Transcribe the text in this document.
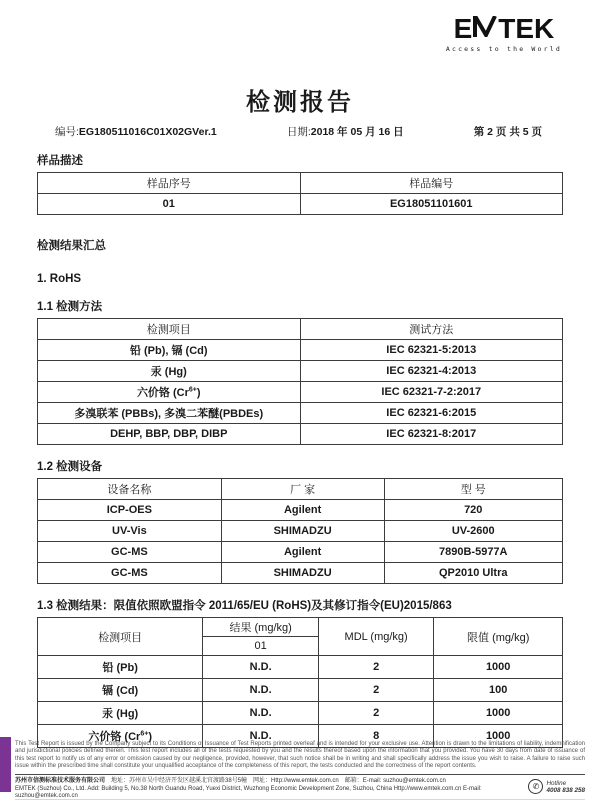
E TEK
Access to the World
检测报告
编号:EG180511016C01X02GVer.1	日期:2018 年 05 月 16 日	第 2 页 共 5 页
样品描述
样品序号	样品编号
01	EG18051101601
检测结果汇总
1. RoHS
1.1 检测方法
检测项目	测试方法
铅 (Pb), 镉 (Cd)	IEC 62321-5:2013
汞 (Hg)	IEC 62321-4:2013
六价铬 $(Cr^{6+})$	IEC 62321-7-2:2017
多溴联苯 (PBBs), 多溴二苯醚(PBDEs)	IEC 62321-6:2015
DEHP, BBP, DBP, DIBP	IEC 62321-8:2017
1.2 检测设备
设备名称	厂 家	型 号
ICP-OES	Agilent	720
UV-Vis	SHIMADZU	UV-2600
GC-MS	Agilent	7890B-5977A
GC-MS	SHIMADZU	QP2010 Ultra
1.3 检测结果：限值依照欧盟指令 2011/65/EU (RoHS)及其修订指令(EU)2015/863
检测项目	结果 (mg/kg)	MDL (mg/kg)	限值 (mg/kg)
	01		
铅 (Pb)	N.D.	2	1000
镉 (Cd)	N.D.	2	100
汞 (Hg)	N.D.	2	1000
六价铬 $(Cr^{6+})$	N.D.	8	1000
This Test Report is issued by the Company subject to its Conditions of Issuance of Test Reports printed overleaf and is intended for your exclusive use. Attention is drawn to the limitations of liability, indemnification and jurisdictional policies defined therein. This test report includes all of the tests requested by you and the results thereof based upon the information that you provided. You have 30 days from date of issuance of this test report to notify us of any error or omission caused by our negligence, provided, however, that such notice shall be in writing and shall specifically address the issue you wish to raise. A failure to raise such issue within the prescribed time shall constitute your unqualified acceptance of the completeness of this report, the tests conducted and the correctness of the report contents.
苏州市信测标准技术服务有限公司　 地址：苏州市吴中经济开发区越溪北官渡路38号5幢　网址：Http://www.emtek.com.cn　邮箱：E-mail: suzhou@emtek.com.cn
EMTEK (Suzhou) Co., Ltd. Add: Building 5, No.38 North Guandu Road, Yuexi District, Wuzhong Economic Development Zone, Suzhou, China Http://www.emtek.com.cn E-mail: suzhou@emtek.com.cn
✆	Hotline
4008 838 258
